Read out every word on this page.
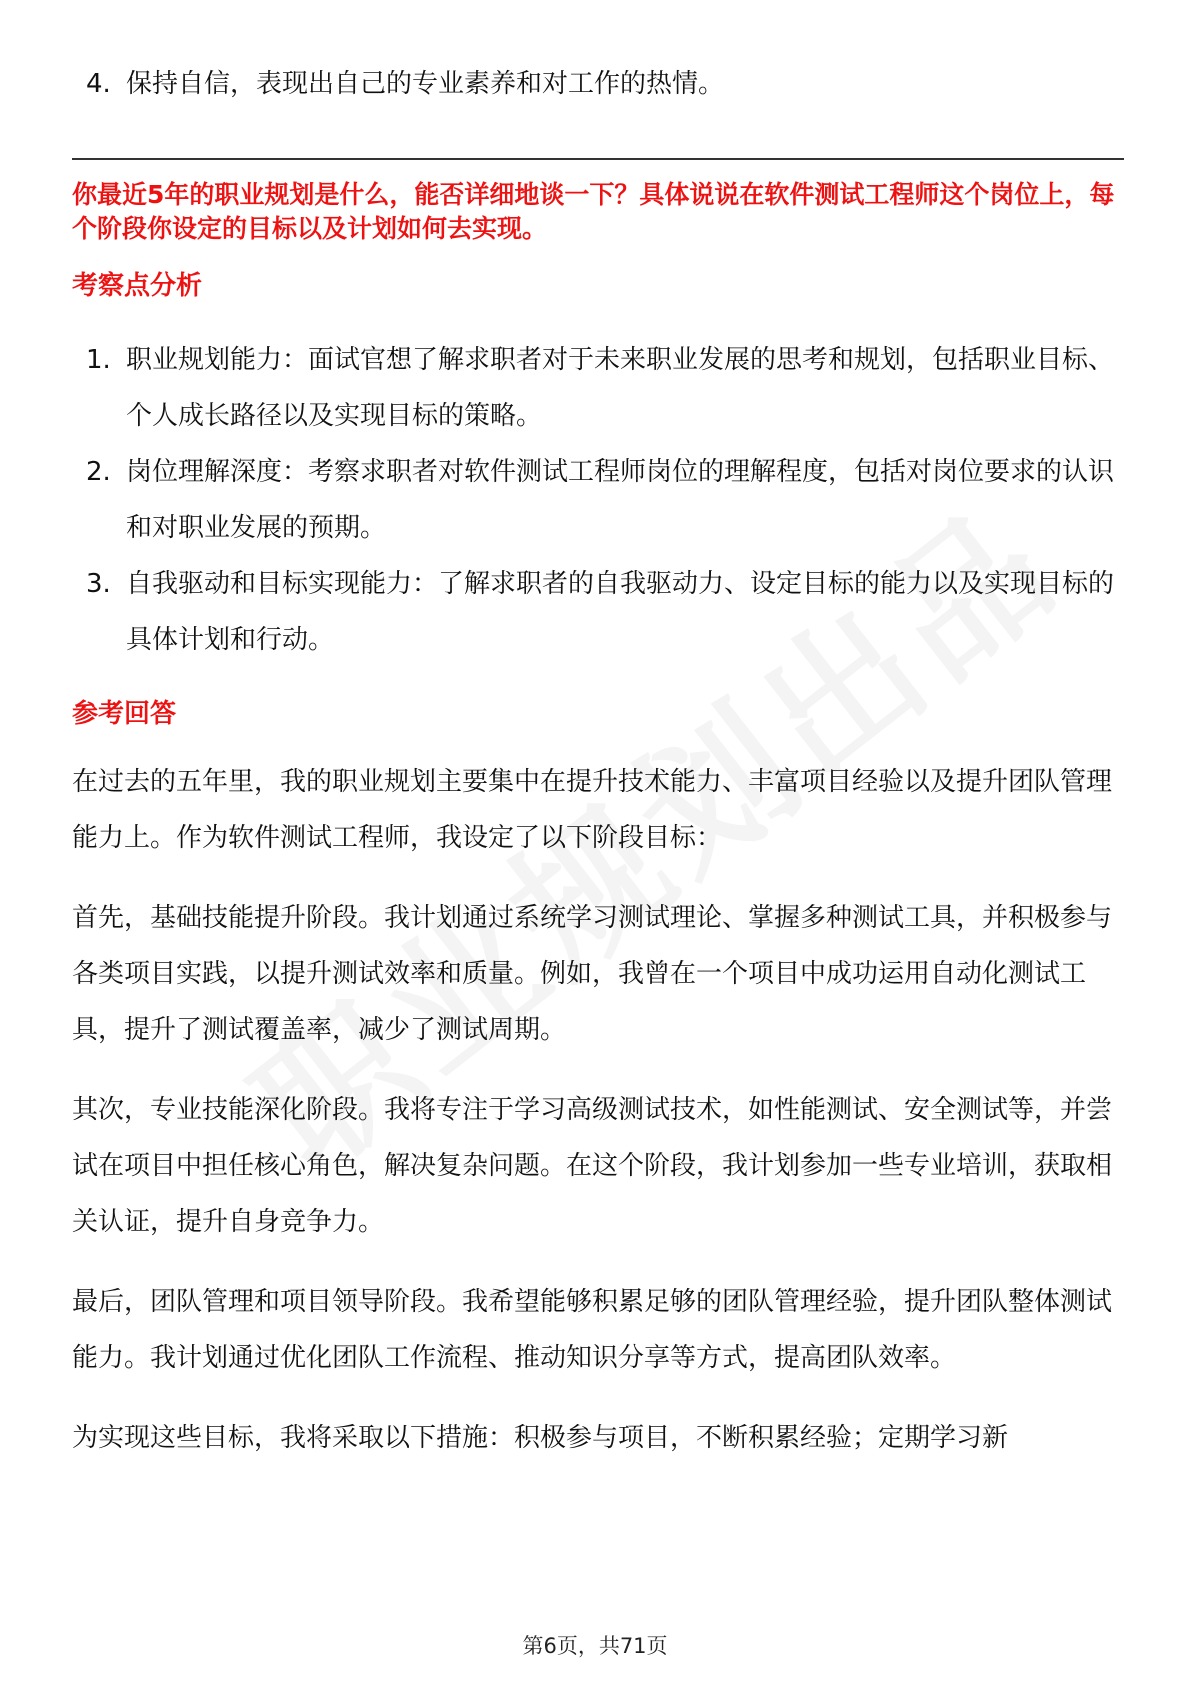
4. 保持自信，表现出自己的专业素养和对工作的热情。
你最近5年的职业规划是什么，能否详细地谈一下？具体说说在软件测试工程师这个岗位上，每个阶段你设定的目标以及计划如何去实现。
考察点分析
1. 职业规划能力：面试官想了解求职者对于未来职业发展的思考和规划，包括职业目标、个人成长路径以及实现目标的策略。
2. 岗位理解深度：考察求职者对软件测试工程师岗位的理解程度，包括对岗位要求的认识和对职业发展的预期。
3. 自我驱动和目标实现能力：了解求职者的自我驱动力、设定目标的能力以及实现目标的具体计划和行动。
参考回答
在过去的五年里，我的职业规划主要集中在提升技术能力、丰富项目经验以及提升团队管理能力上。作为软件测试工程师，我设定了以下阶段目标：
首先，基础技能提升阶段。我计划通过系统学习测试理论、掌握多种测试工具，并积极参与各类项目实践，以提升测试效率和质量。例如，我曾在一个项目中成功运用自动化测试工具，提升了测试覆盖率，减少了测试周期。
其次，专业技能深化阶段。我将专注于学习高级测试技术，如性能测试、安全测试等，并尝试在项目中担任核心角色，解决复杂问题。在这个阶段，我计划参加一些专业培训，获取相关认证，提升自身竞争力。
最后，团队管理和项目领导阶段。我希望能够积累足够的团队管理经验，提升团队整体测试能力。我计划通过优化团队工作流程、推动知识分享等方式，提高团队效率。
为实现这些目标，我将采取以下措施：积极参与项目，不断积累经验；定期学习新
第6页，共71页
